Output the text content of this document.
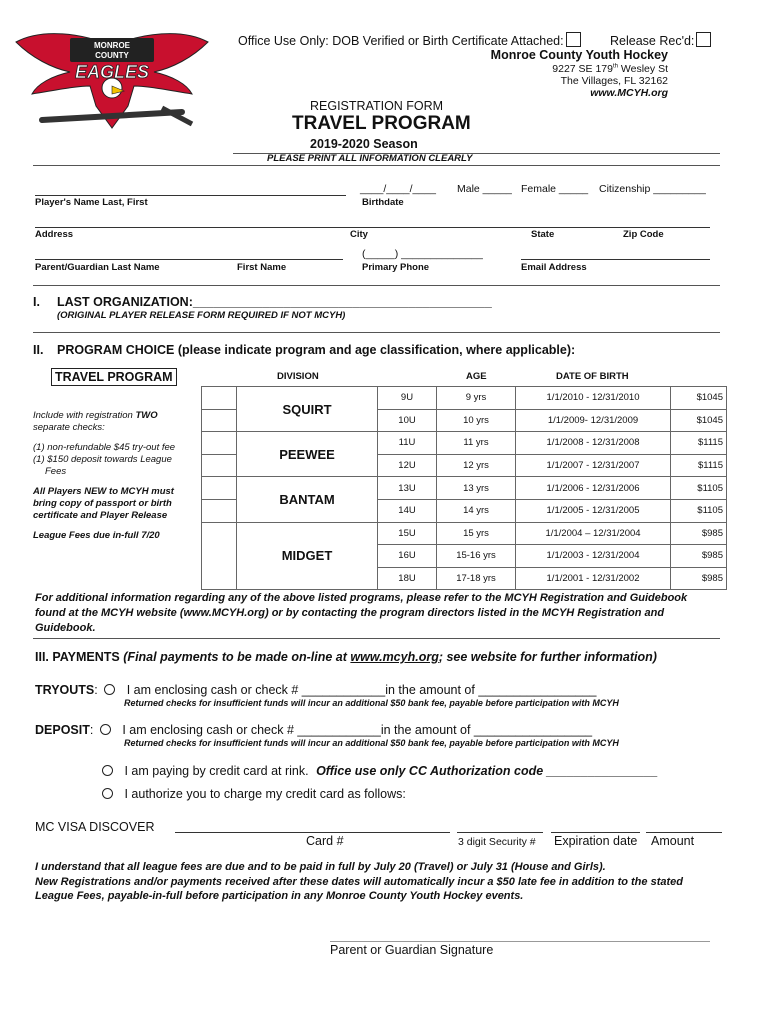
MONROE
COUNTY
EAGLES
Office Use Only: DOB Verified or Birth Certificate Attached:	Release Rec'd:
Monroe County Youth Hockey
9227 SE 179th Wesley St
The Villages, FL 32162
www.MCYH.org
REGISTRATION FORM
TRAVEL PROGRAM
2019-2020 Season
PLEASE PRINT ALL INFORMATION CLEARLY
____/____/____ Male _____ Female _____ Citizenship _________
Player's Name Last, First	Birthdate
Address	City	State	Zip Code
(_____) ______________
Parent/Guardian Last Name	First Name	Primary Phone	Email Address
I. LAST ORGANIZATION:___________________________________________
(ORIGINAL PLAYER RELEASE FORM REQUIRED IF NOT MCYH)
II. PROGRAM CHOICE (please indicate program and age classification, where applicable):
TRAVEL PROGRAM	DIVISION	AGE	DATE OF BIRTH
Include with registration TWO
separate checks:
(1) non-refundable $45 try-out fee
(1) $150 deposit towards League
Fees
All Players NEW to MCYH must
bring copy of passport or birth
certificate and Player Release
League Fees due in-full 7/20
	SQUIRT	9U	9 yrs	1/1/2010 - 12/31/2010	$1045
		10U	10 yrs	1/1/2009- 12/31/2009	$1045
	PEEWEE	11U	11 yrs	1/1/2008 - 12/31/2008	$1115
		12U	12 yrs	1/1/2007 - 12/31/2007	$1115
	BANTAM	13U	13 yrs	1/1/2006 - 12/31/2006	$1105
		14U	14 yrs	1/1/2005 - 12/31/2005	$1105
	MIDGET	15U	15 yrs	1/1/2004 – 12/31/2004	$985
		16U	15-16 yrs	1/1/2003 - 12/31/2004	$985
		18U	17-18 yrs	1/1/2001 - 12/31/2002	$985
For additional information regarding any of the above listed programs, please refer to the MCYH Registration and Guidebook
found at the MCYH website (www.MCYH.org) or by contacting the program directors listed in the MCYH Registration and
Guidebook.
III. PAYMENTS (Final payments to be made on-line at www.mcyh.org; see website for further information)
TRYOUTS:  I am enclosing cash or check # ____________in the amount of _________________
Returned checks for insufficient funds will incur an additional $50 bank fee, payable before participation with MCYH
DEPOSIT:  I am enclosing cash or check # ____________in the amount of _________________
Returned checks for insufficient funds will incur an additional $50 bank fee, payable before participation with MCYH
I am paying by credit card at rink. Office use only CC Authorization code ________________
I authorize you to charge my credit card as follows:
MC VISA DISCOVER
Card #	3 digit Security # Expiration date Amount
I understand that all league fees are due and to be paid in full by July 20 (Travel) or July 31 (House and Girls).
New Registrations and/or payments received after these dates will automatically incur a $50 late fee in addition to the stated
League Fees, payable-in-full before participation in any Monroe County Youth Hockey events.
Parent or Guardian Signature
